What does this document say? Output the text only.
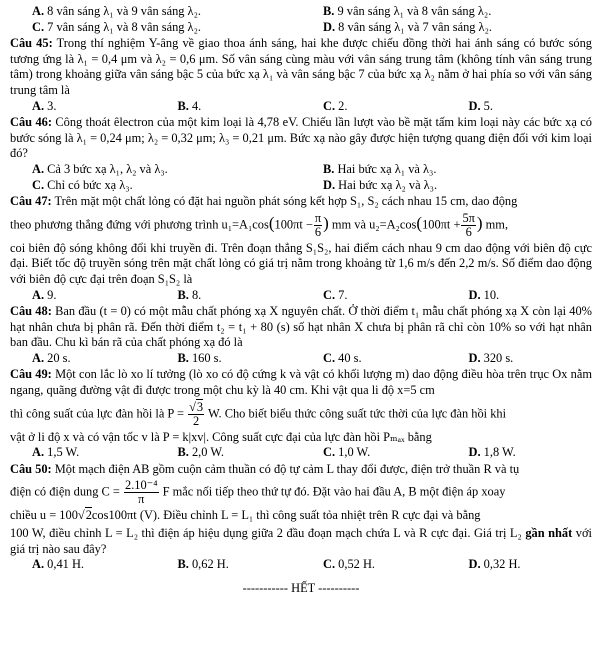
A. 8 vân sáng λ₁ và 9 vân sáng λ₂.	B. 9 vân sáng λ₁ và 8 vân sáng λ₂.
C. 7 vân sáng λ₁ và 8 vân sáng λ₂.	D. 8 vân sáng λ₁ và 7 vân sáng λ₂.
Câu 45: Trong thí nghiệm Y-âng về giao thoa ánh sáng, hai khe được chiếu đồng thời hai ánh sáng có bước sóng tương ứng là λ₁ = 0,4 μm và λ₂ = 0,6 μm. Số vân sáng cùng màu với vân sáng trung tâm (không tính vân sáng trung tâm) trong khoảng giữa vân sáng bậc 5 của bức xạ λ₁ và vân sáng bậc 7 của bức xạ λ₂ nằm ở hai phía so với vân sáng trung tâm là
A. 3.	B. 4.	C. 2.	D. 5.
Câu 46: Công thoát êlectron của một kim loại là 4,78 eV. Chiếu lần lượt vào bề mặt tấm kim loại này các bức xạ có bước sóng là λ₁ = 0,24 μm; λ₂ = 0,32 μm; λ₃ = 0,21 μm. Bức xạ nào gây được hiện tượng quang điện đối với kim loại đó?
A. Cả 3 bức xạ λ₁, λ₂ và λ₃.	B. Hai bức xạ λ₁ và λ₃.
C. Chỉ có bức xạ λ₃.	D. Hai bức xạ λ₂ và λ₃.
Câu 47: Trên mặt một chất lỏng có đặt hai nguồn phát sóng kết hợp S₁, S₂ cách nhau 15 cm, dao động
theo phương thẳng đứng với phương trình $u_1=A_1\cos(100\pi t - \frac{\pi}{6}$ ) mm và $u_2=A_2\cos(100\pi t + \frac{5\pi}{6}$ ) mm,
coi biên độ sóng không đổi khi truyền đi. Trên đoạn thẳng S₁S₂, hai điểm cách nhau 9 cm dao động với biên độ cực đại. Biết tốc độ truyền sóng trên mặt chất lỏng có giá trị nằm trong khoảng từ 1,6 m/s đến 2,2 m/s. Số điểm dao động với biên độ cực đại trên đoạn S₁S₂ là
A. 9.	B. 8.	C. 7.	D. 10.
Câu 48: Ban đầu (t = 0) có một mẫu chất phóng xạ X nguyên chất. Ở thời điểm t₁ mẫu chất phóng xạ X còn lại 40% hạt nhân chưa bị phân rã. Đến thời điểm t₂ = t₁ + 80 (s) số hạt nhân X chưa bị phân rã chỉ còn 10% so với hạt nhân ban đầu. Chu kì bán rã của chất phóng xạ đó là
A. 20 s.	B. 160 s.	C. 40 s.	D. 320 s.
Câu 49: Một con lắc lò xo lí tưởng (lò xo có độ cứng k và vật có khối lượng m) dao động điều hòa trên trục Ox nằm ngang, quãng đường vật đi được trong một chu kỳ là 40 cm. Khi vật qua li độ x=5 cm
thì công suất của lực đàn hồi là $P = \frac{√3}{2} W$. Cho biết biểu thức công suất tức thời của lực đàn hồi khi
vật ở li độ x và có vận tốc v là P = k|xv|. Công suất cực đại của lực đàn hồi Pₘₐₓ bằng
A. 1,5 W.	B. 2,0 W.	C. 1,0 W.	D. 1,8 W.
Câu 50: Một mạch điện AB gồm cuộn cảm thuần có độ tự cảm L thay đổi được, điện trở thuần R và tụ
điện có điện dung $C = \frac{\text{2.10⁻⁴}}{\pi}$ F mắc nối tiếp theo thứ tự đó. Đặt vào hai đầu A, B một điện áp xoay
chiều u = 100√2cos100πt (V). Điều chỉnh L = L₁ thì công suất tỏa nhiệt trên R cực đại và bằng
100 W, điều chỉnh L = L₂ thì điện áp hiệu dụng giữa 2 đầu đoạn mạch chứa L và R cực đại. Giá trị L₂ gần nhất với giá trị nào sau đây?
A. 0,41 H.	B. 0,62 H.	C. 0,52 H.	D. 0,32 H.
----------- HẾT ----------
